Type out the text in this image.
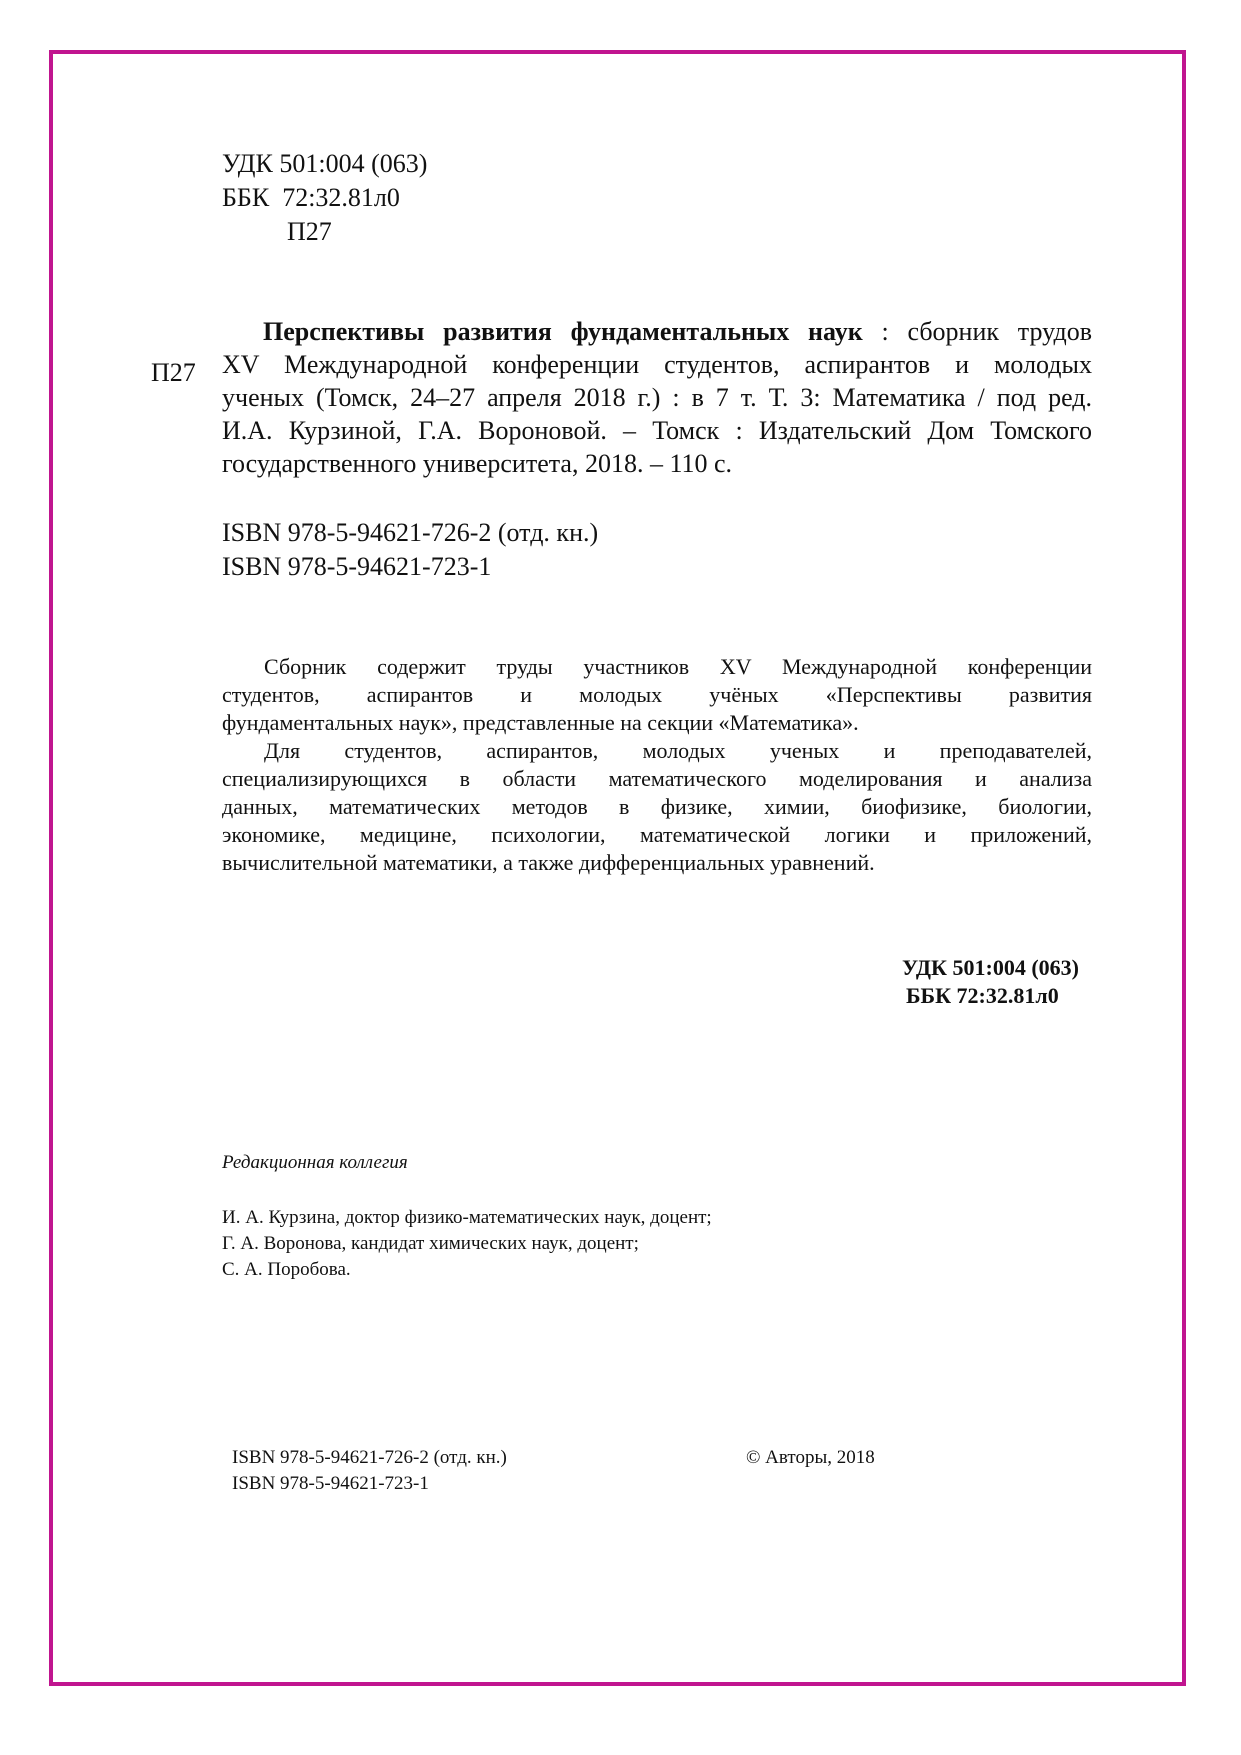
УДК 501:004 (063)
ББК  72:32.81л0
П27
П27
Перспективы развития фундаментальных наук : сборник трудов
XV Международной конференции студентов, аспирантов и молодых
ученых (Томск, 24–27 апреля 2018 г.) : в 7 т. Т. 3: Математика / под ред.
И.А. Курзиной, Г.А. Вороновой. – Томск : Издательский Дом Томского
государственного университета, 2018. – 110 с.
ISBN 978-5-94621-726-2 (отд. кн.)
ISBN 978-5-94621-723-1
Сборник содержит труды участников XV Международной конференции
студентов, аспирантов и молодых учёных «Перспективы развития
фундаментальных наук», представленные на секции «Математика».
Для студентов, аспирантов, молодых ученых и преподавателей,
специализирующихся в области математического моделирования и анализа
данных, математических методов в физике, химии, биофизике, биологии,
экономике, медицине, психологии, математической логики и приложений,
вычислительной математики, а также дифференциальных уравнений.
УДК 501:004 (063)
ББК 72:32.81л0
Редакционная коллегия
И. А. Курзина, доктор физико-математических наук, доцент;
Г. А. Воронова, кандидат химических наук, доцент;
С. А. Поробова.
ISBN 978-5-94621-726-2 (отд. кн.)
ISBN 978-5-94621-723-1
© Авторы, 2018
